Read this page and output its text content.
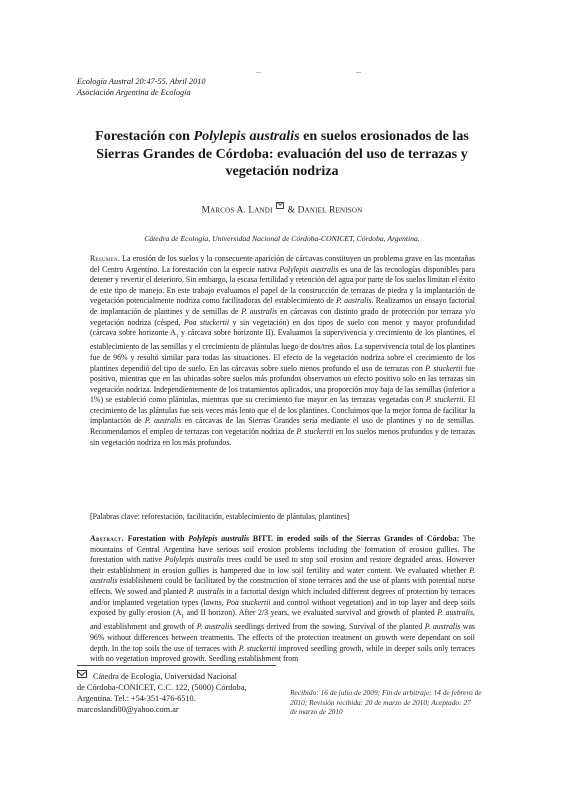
Ecología Austral 20:47-55. Abril 2010
Asociación Argentina de Ecología
Forestación con Polylepis australis en suelos erosionados de las Sierras Grandes de Córdoba: evaluación del uso de terrazas y vegetación nodriza
Marcos A. Landi  & Daniel Renison
Cátedra de Ecología, Universidad Nacional de Córdoba-CONICET, Córdoba, Argentina.
Resumen. La erosión de los suelos y la consecuente aparición de cárcavas constituyen un problema grave en las montañas del Centro Argentino. La forestación con la especie nativa Polylepis australis es una de las tecnologías disponibles para detener y revertir el deterioro. Sin embargo, la escasa fertilidad y retención del agua por parte de los suelos limitan el éxito de este tipo de manejo. En este trabajo evaluamos el papel de la construcción de terrazas de piedra y la implantación de vegetación potencialmente nodriza como facilitadoras del establecimiento de P. australis. Realizamos un ensayo factorial de implantación de plantines y de semillas de P. australis en cárcavas con distinto grado de protección por terraza y/o vegetación nodriza (césped, Poa stuckertii y sin vegetación) en dos tipos de suelo con menor y mayor profundidad (cárcava sobre horizonte $A_1$ y cárcava sobre horizonte II). Evaluamos la supervivencia y crecimiento de los plantines, el establecimiento de las semillas y el crecimiento de plántulas luego de dos/tres años. La supervivencia total de los plantines fue de 96% y resultó similar para todas las situaciones. El efecto de la vegetación nodriza sobre el crecimiento de los plantines dependió del tipo de suelo. En las cárcavas sobre suelo menos profundo el uso de terrazas con P. stuckertii fue positivo, mientras que en las ubicadas sobre suelos más profundos observamos un efecto positivo solo en las terrazas sin vegetación nodriza. Independientemente de los tratamientos aplicados, una proporción muy baja de las semillas (inferior a 1%) se estableció como plántulas, mientras que su crecimiento fue mayor en las terrazas vegetadas con P. stuckertii. El crecimiento de las plántulas fue seis veces más lento que el de los plantines. Concluimos que la mejor forma de facilitar la implantación de P. australis en cárcavas de las Sierras Grandes sería mediante el uso de plantines y no de semillas. Recomendamos el empleo de terrazas con vegetación nodriza de P. stuckertii en los suelos menos profundos y de terrazas sin vegetación nodriza en los más profundos.
[Palabras clave: reforestación, facilitación, establecimiento de plántulas, plantines]
Abstract. Forestation with Polylepis australis BITT. in eroded soils of the Sierras Grandes of Córdoba: The mountains of Central Argentina have serious soil erosion problems including the formation of erosion gullies. The forestation with native Polylepis australis trees could be used to stop soil erosion and restore degraded areas. However their establishment in erosion gullies is hampered due to low soil fertility and water content. We evaluated whether P. australis establishment could be facilitated by the construction of stone terraces and the use of plants with potential nurse effects. We sowed and planted P. australis in a factorial design which included different degrees of protection by terraces and/or implanted vegetation types (lawns, Poa stuckertii and control without vegetation) and in top layer and deep soils exposed by gully erosion ($A_1$ and II horizon). After 2/3 years, we evaluated survival and growth of planted P. australis, and establishment and growth of P. australis seedlings derived from the sowing. Survival of the planted P. australis was 96% without differences between treatments. The effects of the protection treatment on growth were dependant on soil depth. In the top soils the use of terraces with P. stuckertii improved seedling growth, while in deeper soils only terraces with no vegetation improved growth. Seedling establishment from
Cátedra de Ecología, Universidad Nacional
de Córdoba-CONICET, C.C. 122, (5000) Córdoba,
Argentina. Tel.: +54-351-476-6510.
marcoslandi00@yahoo.com.ar
Recibido: 16 de julio de 2009; Fin de arbitraje: 14 de febrero de
2010; Revisión recibida: 20 de marzo de 2010; Aceptado: 27
de marzo de 2010
